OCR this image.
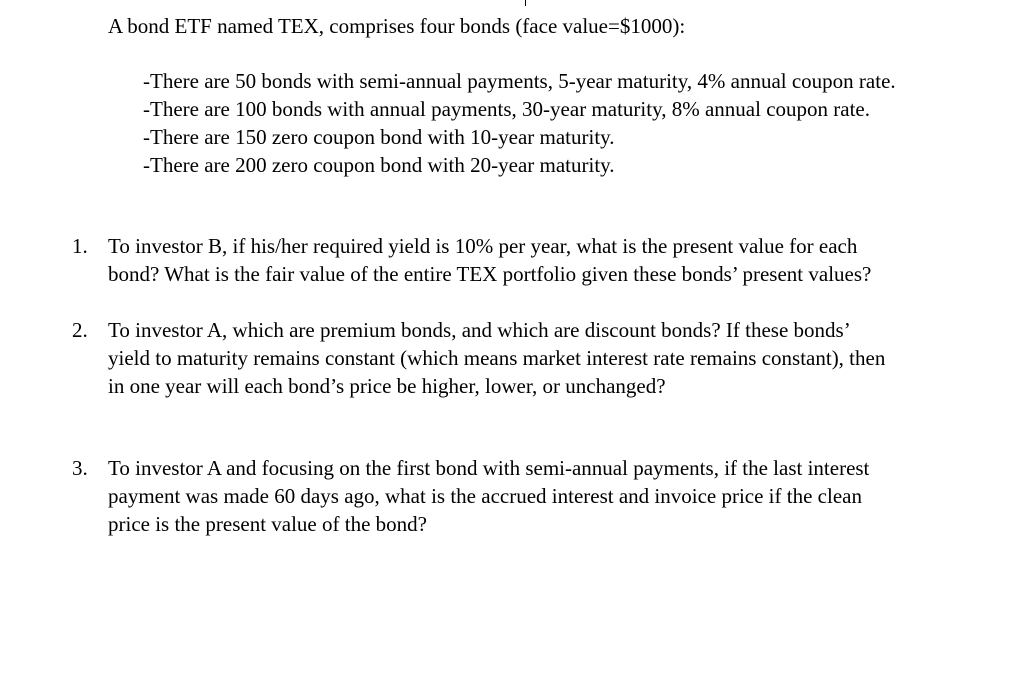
A bond ETF named TEX, comprises four bonds (face value=$1000):

-There are 50 bonds with semi-annual payments, 5-year maturity, 4% annual coupon rate.
-There are 100 bonds with annual payments, 30-year maturity, 8% annual coupon rate.
-There are 150 zero coupon bond with 10-year maturity.
-There are 200 zero coupon bond with 20-year maturity.
1. To investor B, if his/her required yield is 10% per year, what is the present value for each
bond? What is the fair value of the entire TEX portfolio given these bonds’ present values?
2. To investor A, which are premium bonds, and which are discount bonds? If these bonds’
yield to maturity remains constant (which means market interest rate remains constant), then
in one year will each bond’s price be higher, lower, or unchanged?
3. To investor A and focusing on the first bond with semi-annual payments, if the last interest
payment was made 60 days ago, what is the accrued interest and invoice price if the clean
price is the present value of the bond?
